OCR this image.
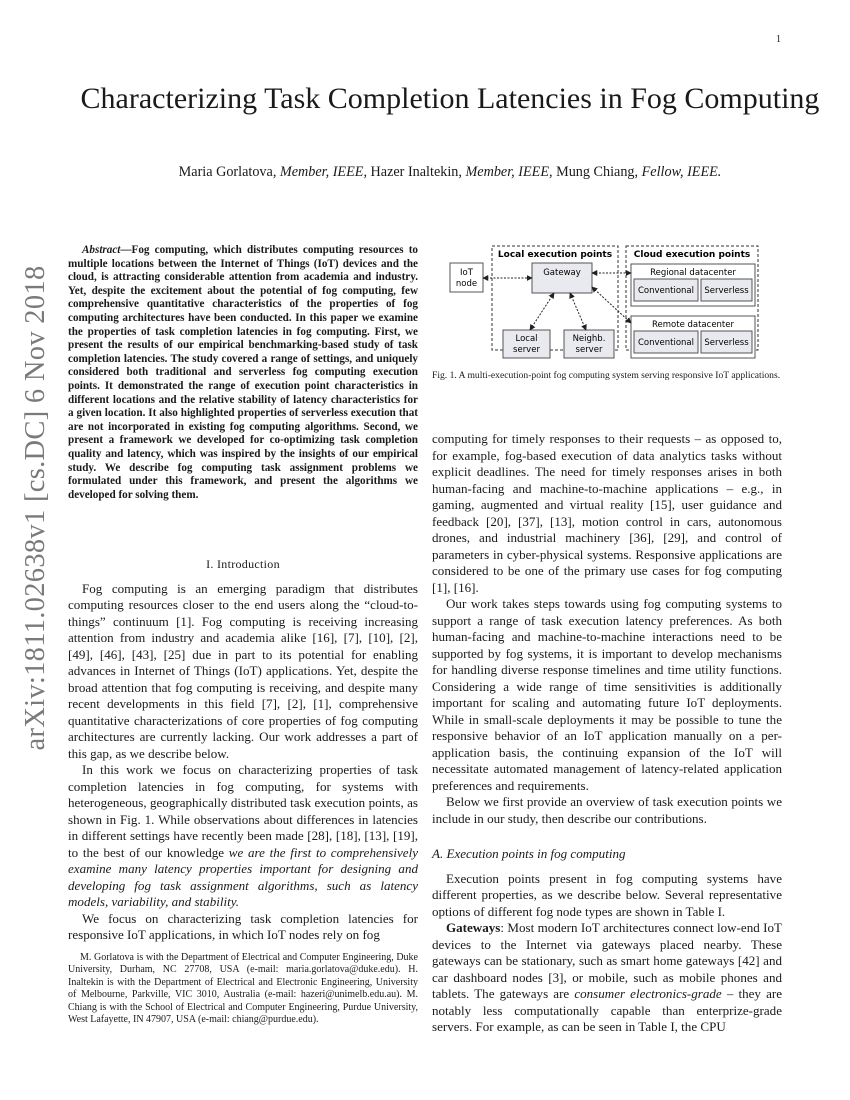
1
arXiv:1811.02638v1 [cs.DC] 6 Nov 2018
Characterizing Task Completion Latencies in Fog Computing
Maria Gorlatova, Member, IEEE, Hazer Inaltekin, Member, IEEE, Mung Chiang, Fellow, IEEE.
Abstract—Fog computing, which distributes computing resources to multiple locations between the Internet of Things (IoT) devices and the cloud, is attracting considerable attention from academia and industry. Yet, despite the excitement about the potential of fog computing, few comprehensive quantitative characteristics of the properties of fog computing architectures have been conducted. In this paper we examine the properties of task completion latencies in fog computing. First, we present the results of our empirical benchmarking-based study of task completion latencies. The study covered a range of settings, and uniquely considered both traditional and serverless fog computing execution points. It demonstrated the range of execution point characteristics in different locations and the relative stability of latency characteristics for a given location. It also highlighted properties of serverless execution that are not incorporated in existing fog computing algorithms. Second, we present a framework we developed for co-optimizing task completion quality and latency, which was inspired by the insights of our empirical study. We describe fog computing task assignment problems we formulated under this framework, and present the algorithms we developed for solving them.
I. Introduction

Fog computing is an emerging paradigm that distributes computing resources closer to the end users along the “cloud-to-things” continuum [1]. Fog computing is receiving increasing attention from industry and academia alike [16], [7], [10], [2], [49], [46], [43], [25] due in part to its potential for enabling advances in Internet of Things (IoT) applications. Yet, despite the broad attention that fog computing is receiving, and despite many recent developments in this field [7], [2], [1], comprehensive quantitative characterizations of core properties of fog computing architectures are currently lacking. Our work addresses a part of this gap, as we describe below.

In this work we focus on characterizing properties of task completion latencies in fog computing, for systems with heterogeneous, geographically distributed task execution points, as shown in Fig. 1. While observations about differences in latencies in different settings have recently been made [28], [18], [13], [19], to the best of our knowledge we are the first to comprehensively examine many latency properties important for designing and developing fog task assignment algorithms, such as latency models, variability, and stability.

We focus on characterizing task completion latencies for responsive IoT applications, in which IoT nodes rely on fog

M. Gorlatova is with the Department of Electrical and Computer Engineering, Duke University, Durham, NC 27708, USA (e-mail: maria.gorlatova@duke.edu). H. Inaltekin is with the Department of Electrical and Electronic Engineering, University of Melbourne, Parkville, VIC 3010, Australia (e-mail: hazeri@unimelb.edu.au). M. Chiang is with the School of Electrical and Computer Engineering, Purdue University, West Lafayette, IN 47907, USA (e-mail: chiang@purdue.edu).
Local execution points Cloud execution points
IoT
node
Gateway
Local
server
Neighb.
server
Regional datacenter
Conventional Serverless
Remote datacenter
Conventional Serverless
Fig. 1. A multi-execution-point fog computing system serving responsive IoT applications.

computing for timely responses to their requests – as opposed to, for example, fog-based execution of data analytics tasks without explicit deadlines. The need for timely responses arises in both human-facing and machine-to-machine applications – e.g., in gaming, augmented and virtual reality [15], user guidance and feedback [20], [37], [13], motion control in cars, autonomous drones, and industrial machinery [36], [29], and control of parameters in cyber-physical systems. Responsive applications are considered to be one of the primary use cases for fog computing [1], [16].

Our work takes steps towards using fog computing systems to support a range of task execution latency preferences. As both human-facing and machine-to-machine interactions need to be supported by fog systems, it is important to develop mechanisms for handling diverse response timelines and time utility functions. Considering a wide range of time sensitivities is additionally important for scaling and automating future IoT deployments. While in small-scale deployments it may be possible to tune the responsive behavior of an IoT application manually on a per-application basis, the continuing expansion of the IoT will necessitate automated management of latency-related application preferences and requirements.

Below we first provide an overview of task execution points we include in our study, then describe our contributions.

A. Execution points in fog computing

Execution points present in fog computing systems have different properties, as we describe below. Several representative options of different fog node types are shown in Table I.

Gateways: Most modern IoT architectures connect low-end IoT devices to the Internet via gateways placed nearby. These gateways can be stationary, such as smart home gateways [42] and car dashboard nodes [3], or mobile, such as mobile phones and tablets. The gateways are consumer electronics-grade – they are notably less computationally capable than enterprize-grade servers. For example, as can be seen in Table I, the CPU
